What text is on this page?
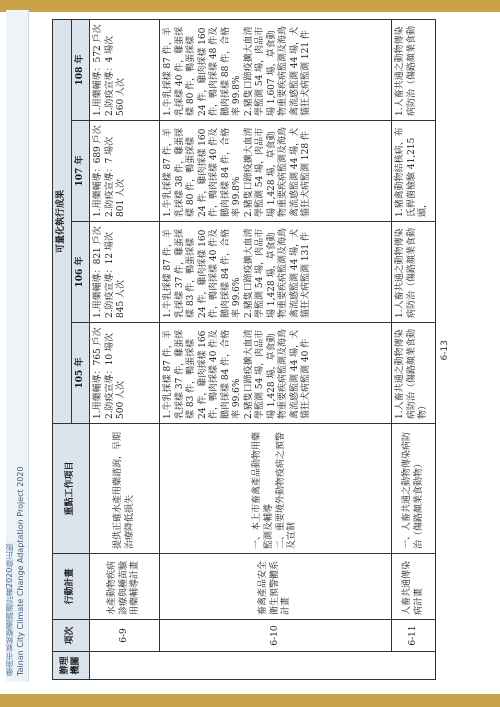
臺南市氣候變遷調適計畫2020修正版 Tainan City Climate Change Adaptation Project 2020
6-13
辦理機關	項次	行動計畫	重點工作項目	可量化執行成果			
				105 年	106 年	107 年	108 年
	6-9	水產動物疾病診療與種苗驗用藥輔導計畫	提供正確水產用藥諮詢，早期治療降低損失	1.用藥輔導：765 戶次 2.防疫宣導：10 場次 500 人次	1.用藥輔導：821 戶次 2.防疫宣導：12 場次 845 人次	1.用藥輔導：689 戶次 2.防疫宣導：7 場次 801 人次	1.用藥輔導：572 戶次 2.防疫宣導：4 場次 560 人次

	6-10	畜禽產品安全衛生預警體系計畫	一、本上市畜禽產品動物用藥監測及輔導 二、重要境外動物疫病之預警及宣制	1.牛乳採樣 87 件，羊乳採樣 37 件，雞蛋採樣 83 件，鴨蛋採樣 24 件，雞肉採樣 166 件，鴨肉採樣 40 件及鵝肉採樣 84 件，合格率 99.6% 2.豬隻口蹄疫擴大血清學監測 54 場，肉品市場 1,428 場，草食動物重要疾病監測及海鳥禽流感監測 44 場，犬貓狂犬病監測 40 件	1.牛乳採樣 87 件，羊乳採樣 37 件，雞蛋採樣 83 件，鴨蛋採樣 24 件，雞肉採樣 160 件，鴨肉採樣 40 件及鵝肉採樣 84 件，合格率 99.6% 2.豬隻口蹄疫擴大血清學監測 54 場，肉品市場 1,428 場，草食動物重要疾病監測及海鳥禽流感監測 44 場，犬貓狂犬病監測 131 件	1.牛乳採樣 87 件，羊乳採樣 38 件，雞蛋採樣 80 件，鴨蛋採樣 24 件，雞肉採樣 160 件，鴨肉採樣 40 件及鵝肉採樣 84 件，合格率 99.8% 2.豬隻口蹄疫擴大血清學監測 54 場，肉品市場 1,428 場，草食動物重要疾病監測及海鳥禽流感監測 44 場，犬貓狂犬病監測 128 件	1.牛乳採樣 87 件，羊乳採樣 40 件，雞蛋採樣 80 件，鴨蛋採樣 24 件，雞肉採樣 160 件，鴨肉採樣 48 件及鵝肉採樣 88 件，合格率 99.8% 2.豬隻口蹄疫擴大血清學監測 54 場，肉品市場 1,607 場，草食動物重要疾病監測及海鳥禽流感監測 44 場，犬貓狂犬病監測 121 件

	6-11	人畜共通傳染病計畫	一、人畜共通之動物傳染病防治（傷路顏業食動物）	1.人畜共通之動物傳染病防治（傷路顏業食動物）	1.人畜共通之動物傳染病防治（傷路顏業食動	1.豬禽動物結核病、布氏桿菌檢驗 41,215 頭，	1.人畜共通之動物傳染病防治（傷路顏業食動
